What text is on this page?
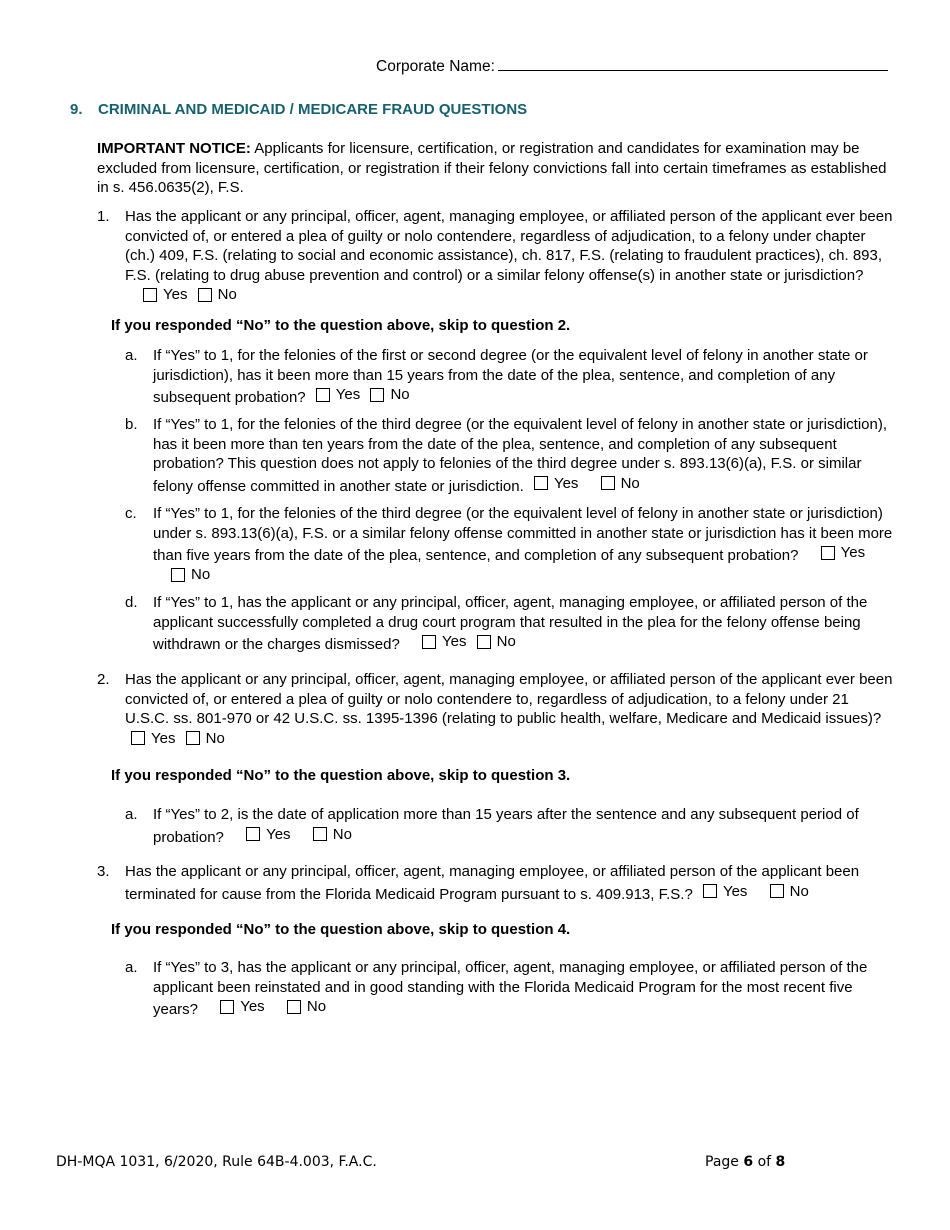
Corporate Name:
9. CRIMINAL AND MEDICAID / MEDICARE FRAUD QUESTIONS
IMPORTANT NOTICE: Applicants for licensure, certification, or registration and candidates for examination may be excluded from licensure, certification, or registration if their felony convictions fall into certain timeframes as established in s. 456.0635(2), F.S.
1. Has the applicant or any principal, officer, agent, managing employee, or affiliated person of the applicant ever been convicted of, or entered a plea of guilty or nolo contendere, regardless of adjudication, to a felony under chapter (ch.) 409, F.S. (relating to social and economic assistance), ch. 817, F.S. (relating to fraudulent practices), ch. 893, F.S. (relating to drug abuse prevention and control) or a similar felony offense(s) in another state or jurisdiction?
Yes
No
If you responded “No” to the question above, skip to question 2.
a. If “Yes” to 1, for the felonies of the first or second degree (or the equivalent level of felony in another state or jurisdiction), has it been more than 15 years from the date of the plea, sentence, and completion of any subsequent probation? Yes
No
b. If “Yes” to 1, for the felonies of the third degree (or the equivalent level of felony in another state or jurisdiction), has it been more than ten years from the date of the plea, sentence, and completion of any subsequent probation? This question does not apply to felonies of the third degree under s. 893.13(6)(a), F.S. or similar felony offense committed in another state or jurisdiction. Yes
	No
c. If “Yes” to 1, for the felonies of the third degree (or the equivalent level of felony in another state or jurisdiction) under s. 893.13(6)(a), F.S. or a similar felony offense committed in another state or jurisdiction has it been more than five years from the date of the plea, sentence, and completion of any subsequent probation?	Yes

No
d. If “Yes” to 1, has the applicant or any principal, officer, agent, managing employee, or affiliated person of the applicant successfully completed a drug court program that resulted in the plea for the felony offense being withdrawn or the charges dismissed?	Yes
No
2. Has the applicant or any principal, officer, agent, managing employee, or affiliated person of the applicant ever been convicted of, or entered a plea of guilty or nolo contendere to, regardless of adjudication, to a felony under 21 U.S.C. ss. 801-970 or 42 U.S.C. ss. 1395-1396 (relating to public health, welfare, Medicare and Medicaid issues)?
Yes
No
If you responded “No” to the question above, skip to question 3.
a. If “Yes” to 2, is the date of application more than 15 years after the sentence and any subsequent period of probation?	Yes
	No
3. Has the applicant or any principal, officer, agent, managing employee, or affiliated person of the applicant been terminated for cause from the Florida Medicaid Program pursuant to s. 409.913, F.S.? Yes
	No
If you responded “No” to the question above, skip to question 4.
a. If “Yes” to 3, has the applicant or any principal, officer, agent, managing employee, or affiliated person of the applicant been reinstated and in good standing with the Florida Medicaid Program for the most recent five years?	Yes
	No
DH-MQA 1031, 6/2020, Rule 64B-4.003, F.A.C.	Page 6 of 8
